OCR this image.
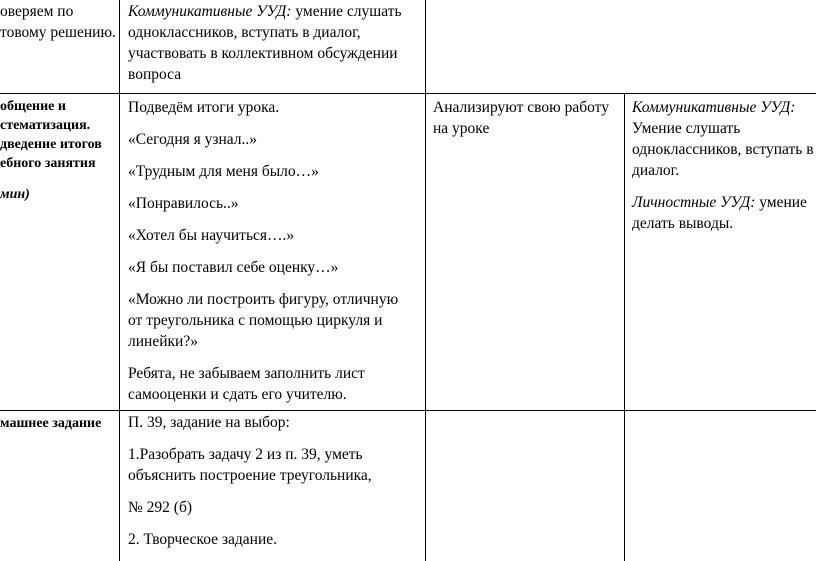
оверяем по

товому решению.

Коммуникативные УУД: умение слушать

одноклассников, вступать в диалог,

участвовать в коллективном обсуждении

вопроса

общение и

стематизация.

дведение итогов

ебного занятия

мин)

Подведём итоги урока.

«Сегодня я узнал..»

«Трудным для меня было…»

«Понравилось..»

«Хотел бы научиться….»

«Я бы поставил себе оценку…»

«Можно ли построить фигуру, отличную

от треугольника с помощью циркуля и

линейки?»

Ребята, не забываем заполнить лист

самооценки и сдать его учителю.

Анализируют свою работу

на уроке

Коммуникативные УУД:

Умение слушать

одноклассников, вступать в

диалог.

Личностные УУД: умение

делать выводы.

машнее задание	П. 39, задание на выбор:

1.Разобрать задачу 2 из п. 39, уметь

объяснить построение треугольника,

№ 292 (б)

2. Творческое задание.
